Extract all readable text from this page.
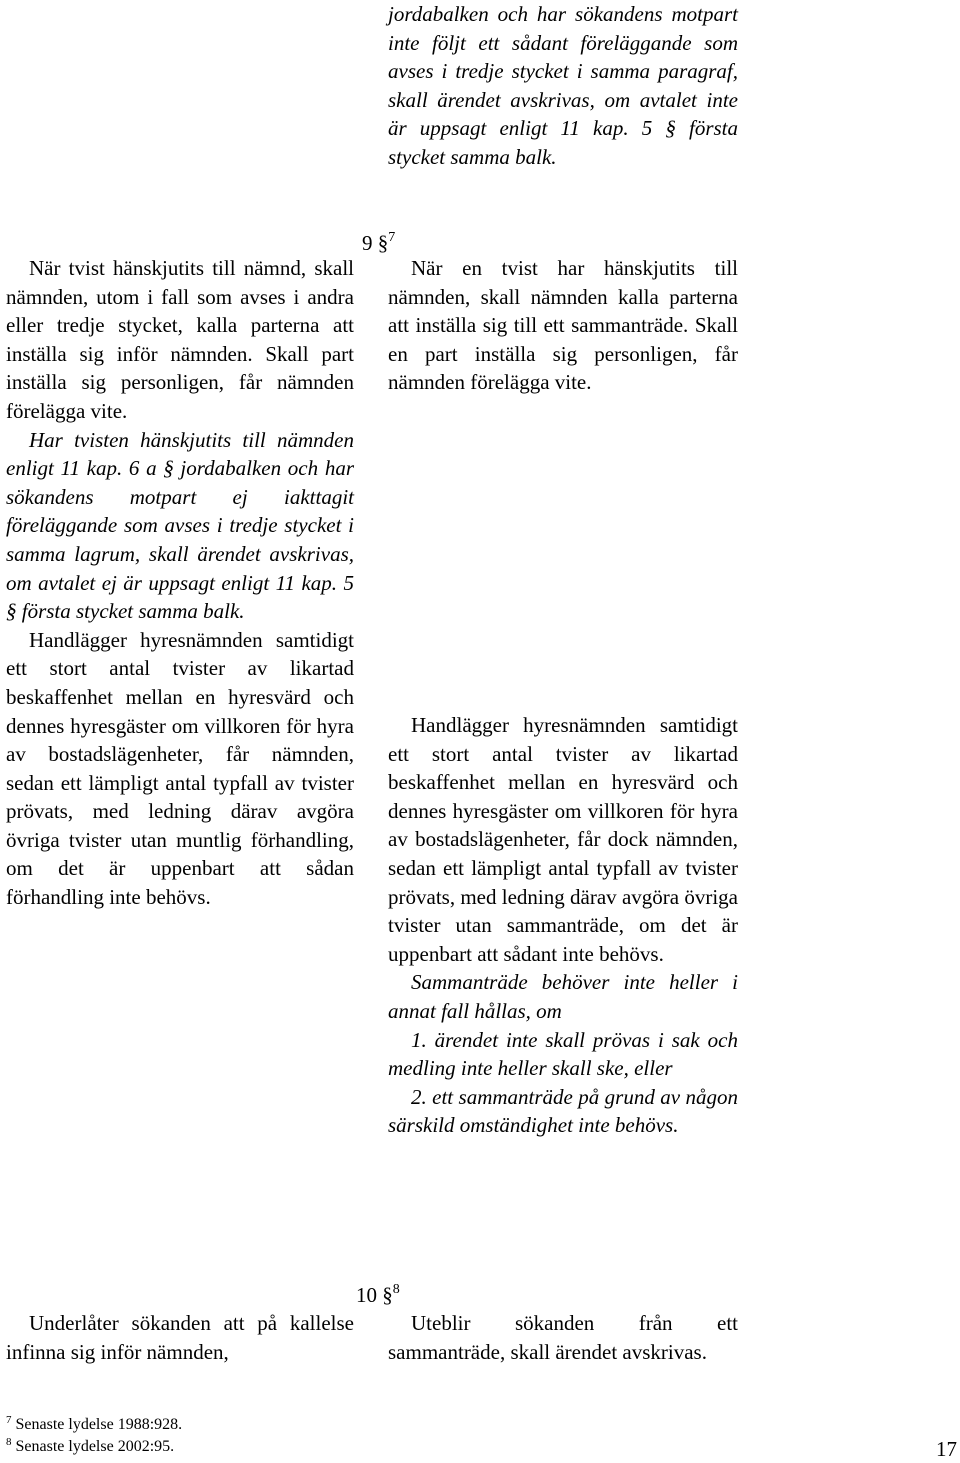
jordabalken och har sökandens motpart inte följt ett sådant föreläggande som avses i tredje stycket i samma paragraf, skall ärendet avskrivas, om avtalet inte är uppsagt enligt 11 kap. 5 § första stycket samma balk.

9 §$^7$

När tvist hänskjutits till nämnd, skall nämnden, utom i fall som avses i andra eller tredje stycket, kalla parterna att inställa sig inför nämnden. Skall part inställa sig personligen, får nämnden förelägga vite.

Har tvisten hänskjutits till nämnden enligt 11 kap. 6 a § jordabalken och har sökandens motpart ej iakttagit föreläggande som avses i tredje stycket i samma lagrum, skall ärendet avskrivas, om avtalet ej är uppsagt enligt 11 kap. 5 § första stycket samma balk.

Handlägger hyresnämnden samtidigt ett stort antal tvister av likartad beskaffenhet mellan en hyresvärd och dennes hyresgäster om villkoren för hyra av bostadslägenheter, får nämnden, sedan ett lämpligt antal typfall av tvister prövats, med ledning därav avgöra övriga tvister utan muntlig förhandling, om det är uppenbart att sådan förhandling inte behövs.

När en tvist har hänskjutits till nämnden, skall nämnden kalla parterna att inställa sig till ett sammanträde. Skall en part inställa sig personligen, får nämnden förelägga vite.

Handlägger hyresnämnden samtidigt ett stort antal tvister av likartad beskaffenhet mellan en hyresvärd och dennes hyresgäster om villkoren för hyra av bostadslägenheter, får dock nämnden, sedan ett lämpligt antal typfall av tvister prövats, med ledning därav avgöra övriga tvister utan sammanträde, om det är uppenbart att sådant inte behövs.

Sammanträde behöver inte heller i annat fall hållas, om

1. ärendet inte skall prövas i sak och medling inte heller skall ske, eller

2. ett sammanträde på grund av någon särskild omständighet inte behövs.

10 §$^8$

Underlåter sökanden att på kallelse infinna sig inför nämnden,

Uteblir sökanden från ett sammanträde, skall ärendet avskrivas.

$^7$ Senaste lydelse 1988:928.
$^8$ Senaste lydelse 2002:95.	17
